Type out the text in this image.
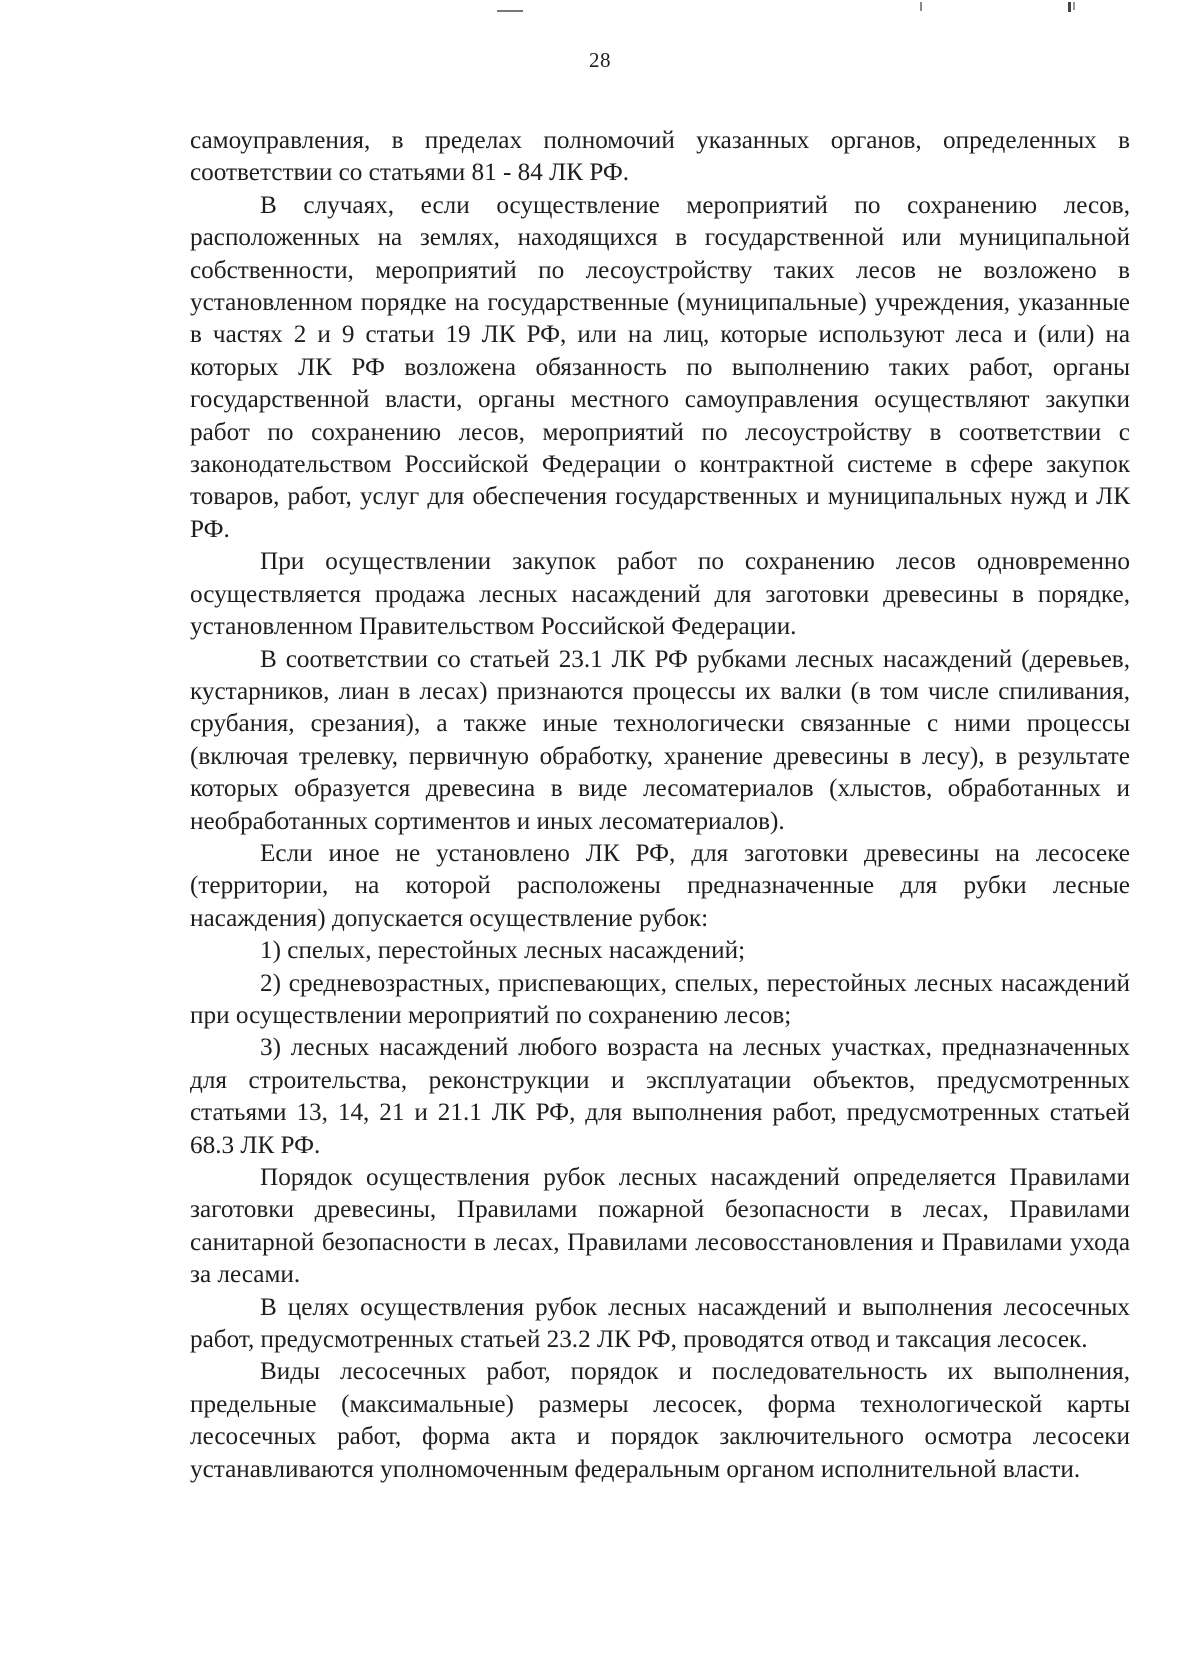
28

самоуправления, в пределах полномочий указанных органов, определенных в соответствии со статьями 81 - 84 ЛК РФ.

В случаях, если осуществление мероприятий по сохранению лесов, расположенных на землях, находящихся в государственной или муниципальной собственности, мероприятий по лесоустройству таких лесов не возложено в установленном порядке на государственные (муниципальные) учреждения, указанные в частях 2 и 9 статьи 19 ЛК РФ, или на лиц, которые используют леса и (или) на которых ЛК РФ возложена обязанность по выполнению таких работ, органы государственной власти, органы местного самоуправления осуществляют закупки работ по сохранению лесов, мероприятий по лесоустройству в соответствии с законодательством Российской Федерации о контрактной системе в сфере закупок товаров, работ, услуг для обеспечения государственных и муниципальных нужд и ЛК РФ.

При осуществлении закупок работ по сохранению лесов одновременно осуществляется продажа лесных насаждений для заготовки древесины в порядке, установленном Правительством Российской Федерации.

В соответствии со статьей 23.1 ЛК РФ рубками лесных насаждений (деревьев, кустарников, лиан в лесах) признаются процессы их валки (в том числе спиливания, срубания, срезания), а также иные технологически связанные с ними процессы (включая трелевку, первичную обработку, хранение древесины в лесу), в результате которых образуется древесина в виде лесоматериалов (хлыстов, обработанных и необработанных сортиментов и иных лесоматериалов).

Если иное не установлено ЛК РФ, для заготовки древесины на лесосеке (территории, на которой расположены предназначенные для рубки лесные насаждения) допускается осуществление рубок:

1) спелых, перестойных лесных насаждений;

2) средневозрастных, приспевающих, спелых, перестойных лесных насаждений при осуществлении мероприятий по сохранению лесов;

3) лесных насаждений любого возраста на лесных участках, предназначенных для строительства, реконструкции и эксплуатации объектов, предусмотренных статьями 13, 14, 21 и 21.1 ЛК РФ, для выполнения работ, предусмотренных статьей 68.3 ЛК РФ.

Порядок осуществления рубок лесных насаждений определяется Правилами заготовки древесины, Правилами пожарной безопасности в лесах, Правилами санитарной безопасности в лесах, Правилами лесовосстановления и Правилами ухода за лесами.

В целях осуществления рубок лесных насаждений и выполнения лесосечных работ, предусмотренных статьей 23.2 ЛК РФ, проводятся отвод и таксация лесосек.

Виды лесосечных работ, порядок и последовательность их выполнения, предельные (максимальные) размеры лесосек, форма технологической карты лесосечных работ, форма акта и порядок заключительного осмотра лесосеки устанавливаются уполномоченным федеральным органом исполнительной власти.
